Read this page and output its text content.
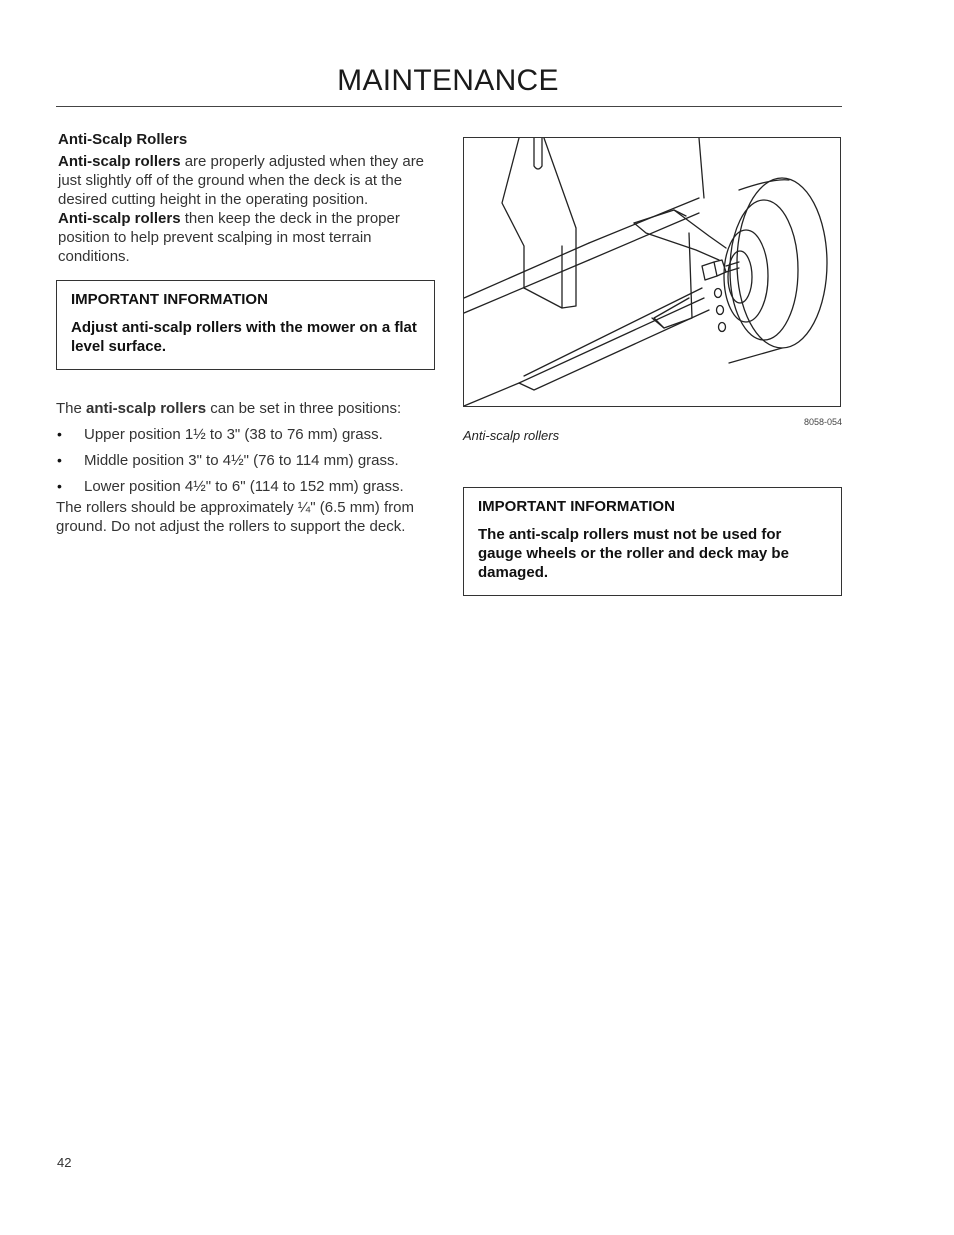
MAINTENANCE
Anti-Scalp Rollers

Anti-scalp rollers are properly adjusted when they are just slightly off of the ground when the deck is at the desired cutting height in the operating position.
Anti-scalp rollers then keep the deck in the proper position to help prevent scalping in most terrain conditions.

IMPORTANT INFORMATION
Adjust anti-scalp rollers with the mower on a flat level surface.
The anti-scalp rollers can be set in three positions:
• Upper position 1½ to 3" (38 to 76 mm) grass.
• Middle position 3" to 4½" (76 to 114 mm) grass.
• Lower position 4½" to 6" (114 to 152 mm) grass.
The rollers should be approximately ¼" (6.5 mm) from ground. Do not adjust the rollers to support the deck.
8058-054
Anti-scalp rollers
IMPORTANT INFORMATION
The anti-scalp rollers must not be used for gauge wheels or the roller and deck may be damaged.
42
